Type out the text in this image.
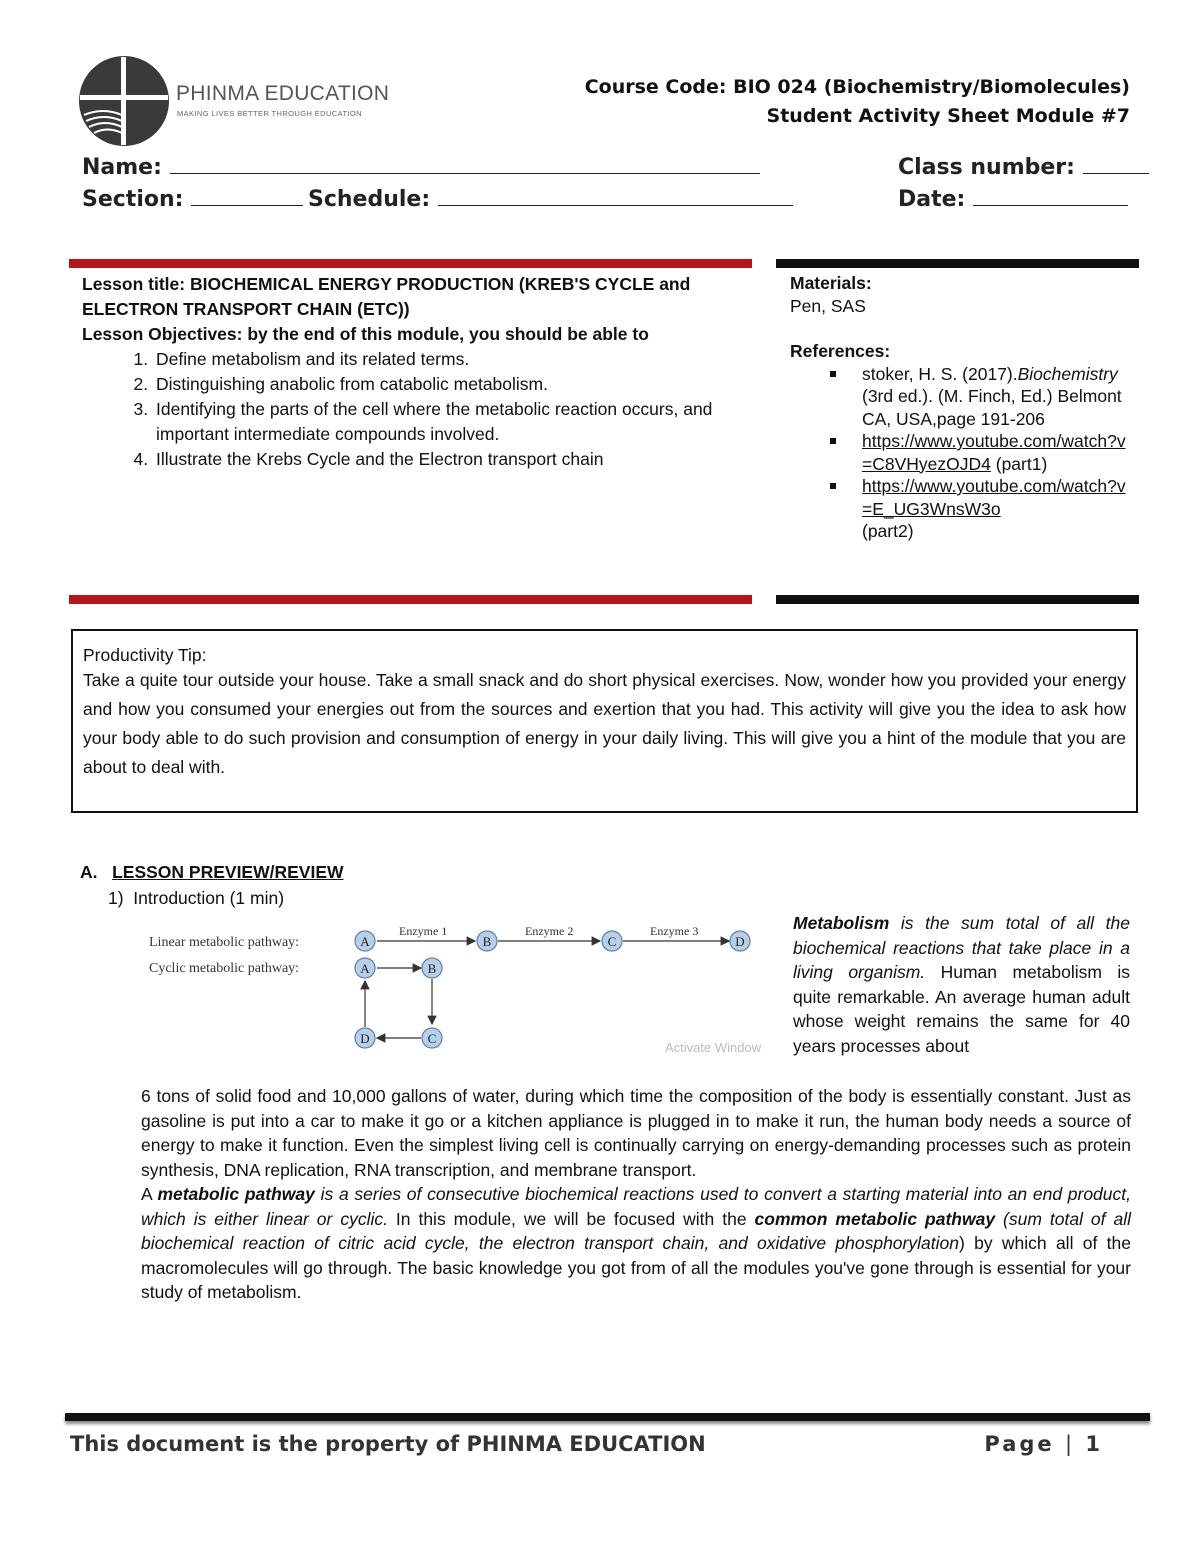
PHINMA EDUCATION
MAKING LIVES BETTER THROUGH EDUCATION
Course Code: BIO 024 (Biochemistry/Biomolecules)
Student Activity Sheet Module #7
Name:	Class number:
Section:	Schedule:	Date:
Lesson title: BIOCHEMICAL ENERGY PRODUCTION (KREB'S CYCLE and ELECTRON TRANSPORT CHAIN (ETC))
Lesson Objectives: by the end of this module, you should be able to
1. Define metabolism and its related terms.
2. Distinguishing anabolic from catabolic metabolism.
3. Identifying the parts of the cell where the metabolic reaction occurs, and important intermediate compounds involved.
4. Illustrate the Krebs Cycle and the Electron transport chain
Materials:
Pen, SAS
References:
stoker, H. S. (2017).Biochemistry (3rd ed.). (M. Finch, Ed.) Belmont CA, USA,page 191-206
https://www.youtube.com/watch?v=C8VHyezOJD4 (part1)
https://www.youtube.com/watch?v=E_UG3WnsW3o
(part2)
Productivity Tip:
Take a quite tour outside your house. Take a small snack and do short physical exercises. Now, wonder how you provided your energy and how you consumed your energies out from the sources and exertion that you had. This activity will give you the idea to ask how your body able to do such provision and consumption of energy in your daily living. This will give you a hint of the module that you are about to deal with.
A. LESSON PREVIEW/REVIEW
1) Introduction (1 min)
Linear metabolic pathway:
Cyclic metabolic pathway:
Enzyme 1	Enzyme 2	Enzyme 3
A	B	C	D
A	B
C
D
Activate Window
Metabolism is the sum total of all the biochemical reactions that take place in a living organism. Human metabolism is quite remarkable. An average human adult whose weight remains the same for 40 years processes about
6 tons of solid food and 10,000 gallons of water, during which time the composition of the body is essentially constant. Just as gasoline is put into a car to make it go or a kitchen appliance is plugged in to make it run, the human body needs a source of energy to make it function. Even the simplest living cell is continually carrying on energy-demanding processes such as protein synthesis, DNA replication, RNA transcription, and membrane transport.
A metabolic pathway is a series of consecutive biochemical reactions used to convert a starting material into an end product, which is either linear or cyclic. In this module, we will be focused with the common metabolic pathway (sum total of all biochemical reaction of citric acid cycle, the electron transport chain, and oxidative phosphorylation) by which all of the macromolecules will go through. The basic knowledge you got from of all the modules you've gone through is essential for your study of metabolism.
This document is the property of PHINMA EDUCATION	Page | 1
